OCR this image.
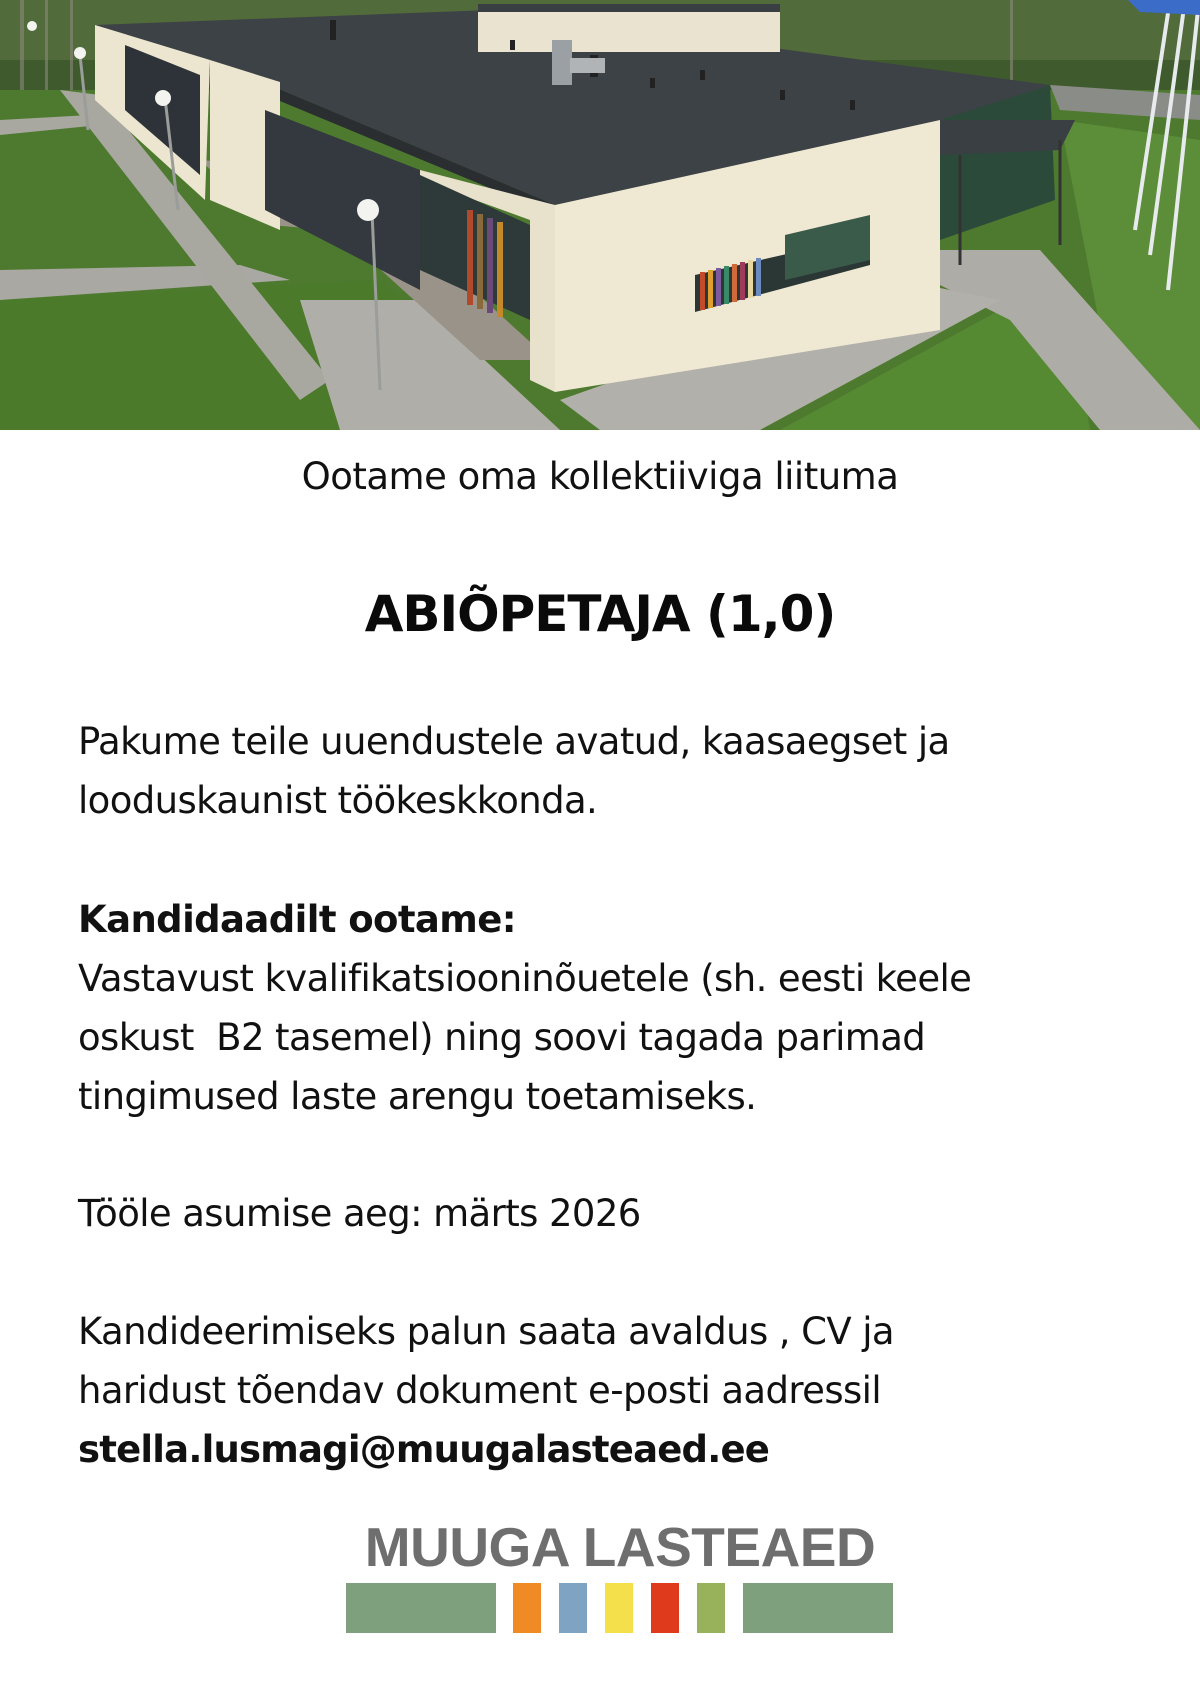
Ootame oma kollektiiviga liituma
ABIÕPETAJA (1,0)

Pakume teile uuendustele avatud, kaasaegset ja

looduskaunist töökeskkonda.

Kandidaadilt ootame:

Vastavust kvalifikatsiooninõuetele (sh. eesti keele

oskust  B2 tasemel) ning soovi tagada parimad

tingimused laste arengu toetamiseks.

Tööle asumise aeg: märts 2026

Kandideerimiseks palun saata avaldus , CV ja

haridust tõendav dokument e-posti aadressil

stella.lusmagi@muugalasteaed.ee

MUUGA LASTEAED
